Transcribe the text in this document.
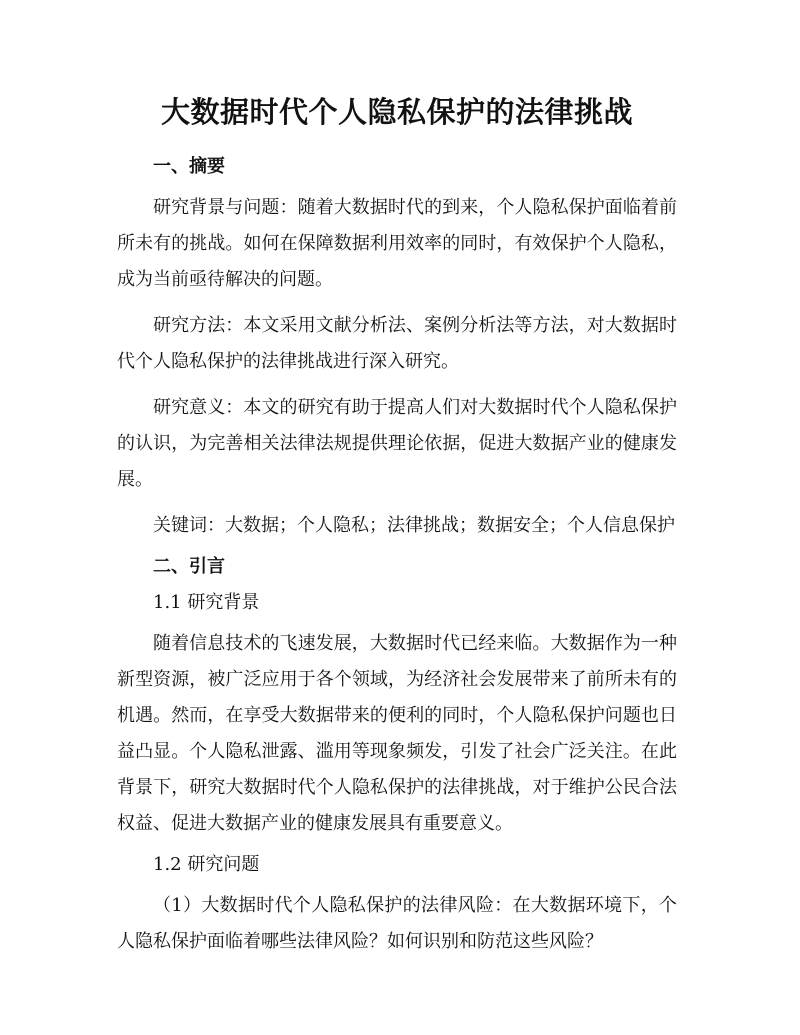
大数据时代个人隐私保护的法律挑战
一、摘要

研究背景与问题：随着大数据时代的到来，个人隐私保护面临着前所未有的挑战。如何在保障数据利用效率的同时，有效保护个人隐私，成为当前亟待解决的问题。

研究方法：本文采用文献分析法、案例分析法等方法，对大数据时代个人隐私保护的法律挑战进行深入研究。

研究意义：本文的研究有助于提高人们对大数据时代个人隐私保护的认识，为完善相关法律法规提供理论依据，促进大数据产业的健康发展。

关键词：大数据；个人隐私；法律挑战；数据安全；个人信息保护

二、引言
1.1 研究背景

随着信息技术的飞速发展，大数据时代已经来临。大数据作为一种新型资源，被广泛应用于各个领域，为经济社会发展带来了前所未有的机遇。然而，在享受大数据带来的便利的同时，个人隐私保护问题也日益凸显。个人隐私泄露、滥用等现象频发，引发了社会广泛关注。在此背景下，研究大数据时代个人隐私保护的法律挑战，对于维护公民合法权益、促进大数据产业的健康发展具有重要意义。

1.2 研究问题

（1）大数据时代个人隐私保护的法律风险：在大数据环境下，个人隐私保护面临着哪些法律风险？如何识别和防范这些风险？
